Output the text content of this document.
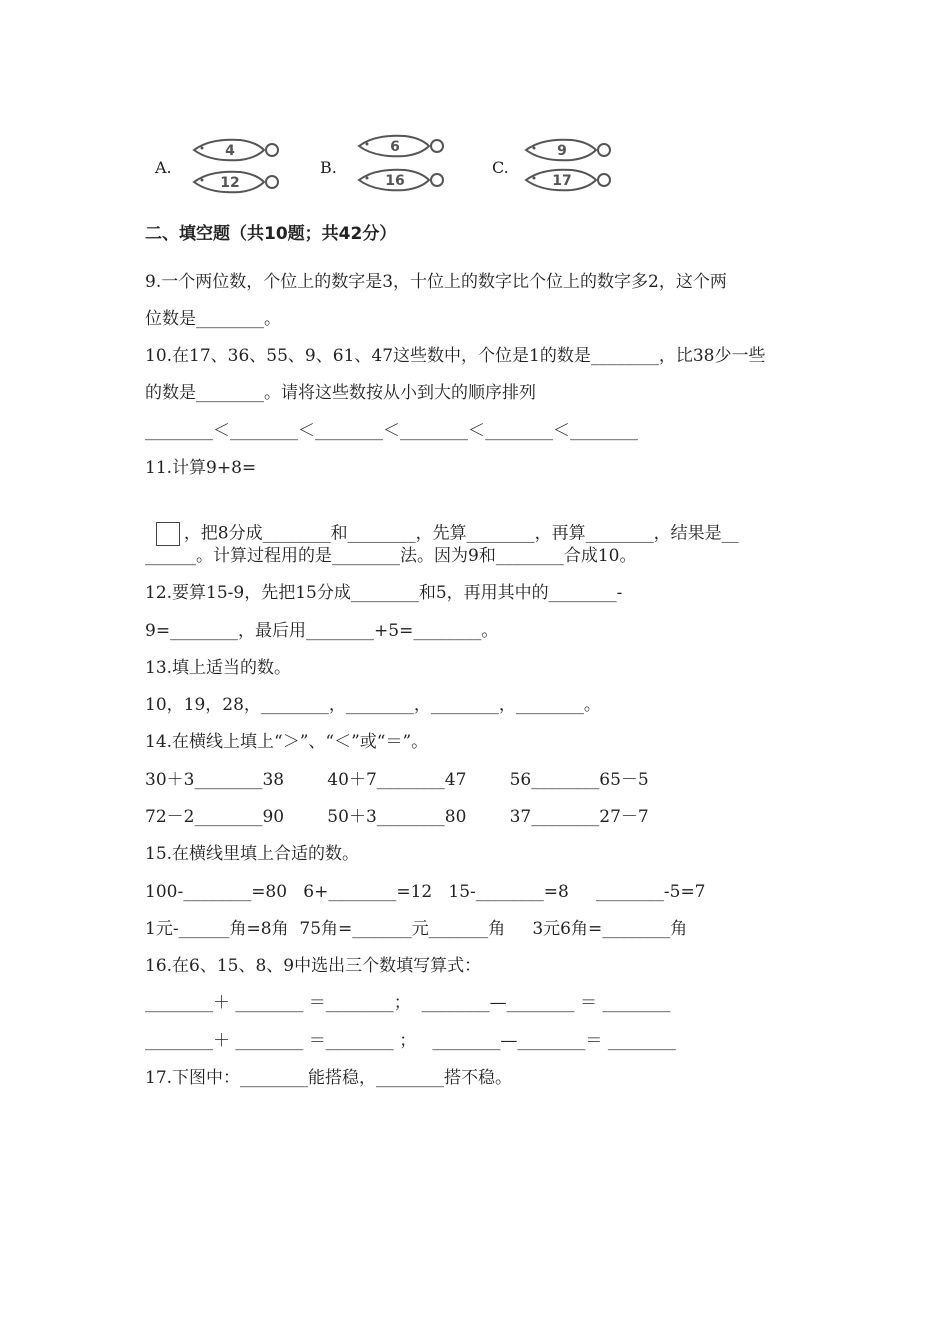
A.	B.	C.
4
12
6
16
9
17
二、填空题（共10题；共42分）
9.一个两位数，个位上的数字是3，十位上的数字比个位上的数字多2，这个两
位数是________。
10.在17、36、55、9、61、47这些数中，个位是1的数是________，比38少一些
的数是________。请将这些数按从小到大的顺序排列
________＜________＜________＜________＜________＜________
11.计算9+8=

，把8分成________和________，先算________，再算________，结果是__

______。计算过程用的是________法。因为9和________合成10。
12.要算15-9，先把15分成________和5，再用其中的________-
9=________，最后用________+5=________。
13.填上适当的数。
10，19，28，________，________，________，________。
14.在横线上填上“＞”、“＜”或“＝”。
30＋3________38        40＋7________47        56________65－5
72－2________90        50＋3________80        37________27－7
15.在横线里填上合适的数。
100-________=80   6+________=12   15-________=8     ________-5=7
1元-______角=8角  75角=_______元_______角     3元6角=________角
16.在6、15、8、9中选出三个数填写算式：
________＋ ________ ＝________；  ________—________ ＝ ________
________＋ ________ ＝________ ；   ________—________＝ ________
17.下图中：________能搭稳，________搭不稳。
